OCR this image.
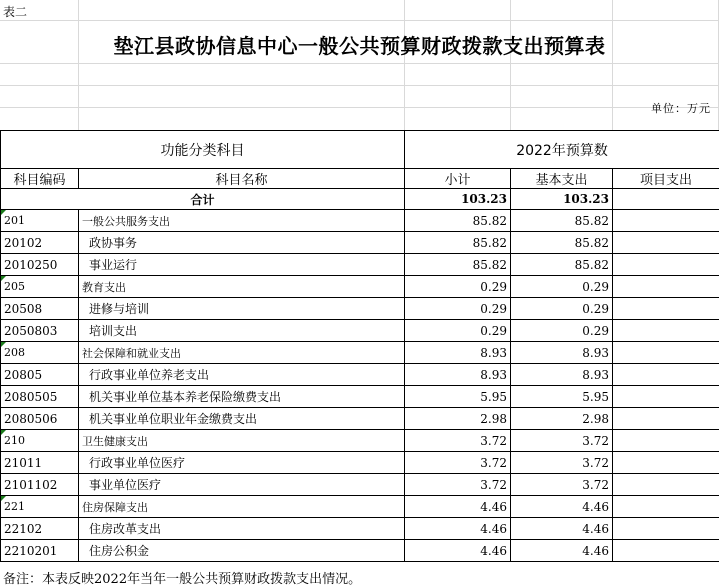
表二
垫江县政协信息中心一般公共预算财政拨款支出预算表
单位：万元
功能分类科目		2022年预算数		
科目编码	科目名称	小计	基本支出	项目支出
合计		103.23	103.23	
201	一般公共服务支出	85.82	85.82	
20102	政协事务	85.82	85.82	
2010250	事业运行	85.82	85.82	
205	教育支出	0.29	0.29	
20508	进修与培训	0.29	0.29	
2050803	培训支出	0.29	0.29	
208	社会保障和就业支出	8.93	8.93	
20805	行政事业单位养老支出	8.93	8.93	
2080505	机关事业单位基本养老保险缴费支出	5.95	5.95	
2080506	机关事业单位职业年金缴费支出	2.98	2.98	
210	卫生健康支出	3.72	3.72	
21011	行政事业单位医疗	3.72	3.72	
2101102	事业单位医疗	3.72	3.72	
221	住房保障支出	4.46	4.46	
22102	住房改革支出	4.46	4.46	
2210201	住房公积金	4.46	4.46	
备注：本表反映2022年当年一般公共预算财政拨款支出情况。
